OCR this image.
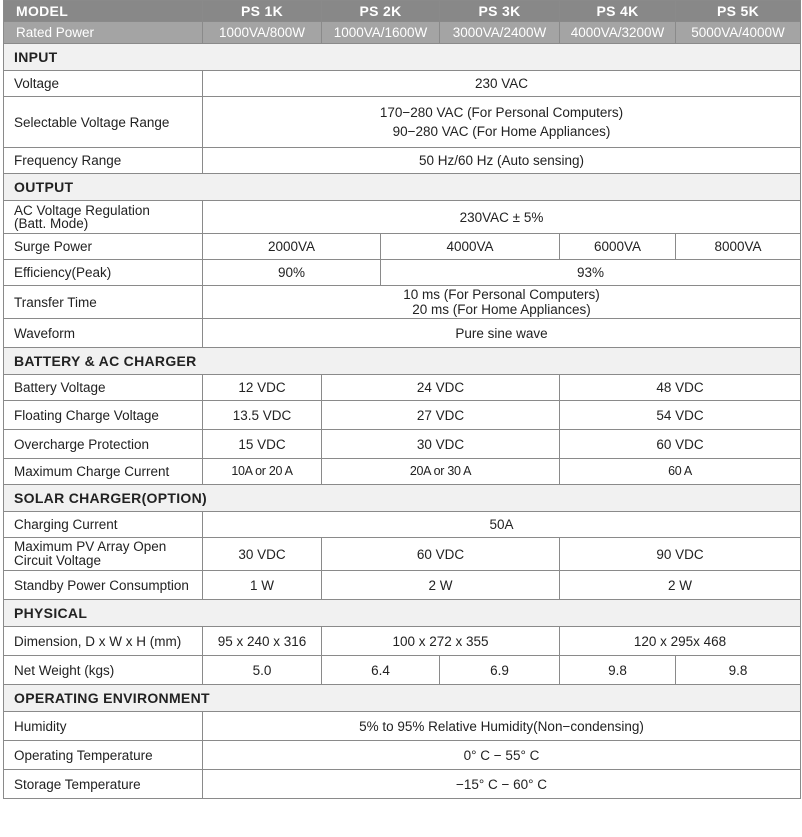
MODEL	PS 1K	PS 2K		PS 3K	PS 4K	PS 5K	
Rated Power	1000VA/800W	1000VA/1600W		3000VA/2400W	4000VA/3200W	5000VA/4000W	
INPUT							
Voltage	230 VAC						
Selectable Voltage Range	170−280 VAC (For Personal Computers)
90−280 VAC (For Home Appliances)						

Frequency Range	50 Hz/60 Hz (Auto sensing)						
OUTPUT							

AC Voltage Regulation
(Batt. Mode)	230VAC ± 5%						
Surge Power	2000VA		4000VA		6000VA	8000VA	
Efficiency(Peak)	90%		93%				
Transfer Time	10 ms (For Personal Computers)
20 ms (For Home Appliances)						

Waveform	Pure sine wave						
BATTERY & AC CHARGER							
Battery Voltage	12 VDC	24 VDC			48 VDC		
Floating Charge Voltage	13.5 VDC	27 VDC			54 VDC		
Overcharge Protection	15 VDC	30 VDC			60 VDC		
Maximum Charge Current	10A or 20 A	20A or 30 A			60 A		
SOLAR CHARGER(OPTION)							
Charging Current	50A						

Maximum PV Array Open
Circuit Voltage	30 VDC	60 VDC			90 VDC		
Standby Power Consumption	1 W	2 W			2 W		
PHYSICAL							
Dimension, D x W x H (mm)	95 x 240 x 316	100 x 272 x 355			120 x 295x 468		
Net Weight (kgs)	5.0	6.4		6.9	9.8	9.8	
OPERATING ENVIRONMENT							
Humidity	5% to 95% Relative Humidity(Non−condensing)						
Operating Temperature	0° C − 55° C						
Storage Temperature	−15° C − 60° C						
